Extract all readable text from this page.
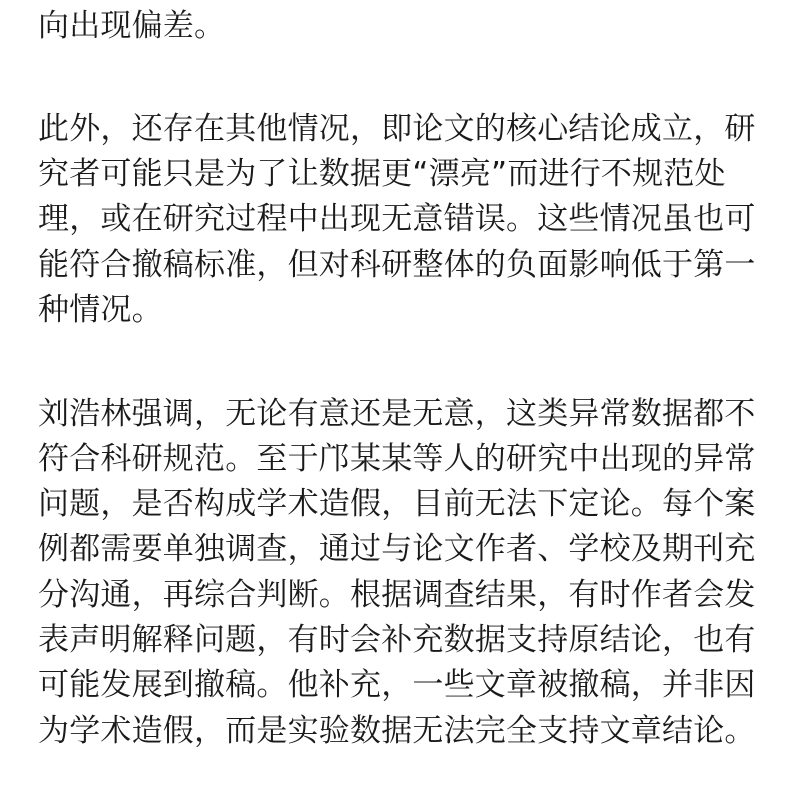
向出现偏差。
此外，还存在其他情况，即论文的核心结论成立，研
究者可能只是为了让数据更“漂亮”而进行不规范处
理，或在研究过程中出现无意错误。这些情况虽也可
能符合撤稿标准，但对科研整体的负面影响低于第一
种情况。
刘浩林强调，无论有意还是无意，这类异常数据都不
符合科研规范。至于邝某某等人的研究中出现的异常
问题，是否构成学术造假，目前无法下定论。每个案
例都需要单独调查，通过与论文作者、学校及期刊充
分沟通，再综合判断。根据调查结果，有时作者会发
表声明解释问题，有时会补充数据支持原结论，也有
可能发展到撤稿。他补充，一些文章被撤稿，并非因
为学术造假，而是实验数据无法完全支持文章结论。
